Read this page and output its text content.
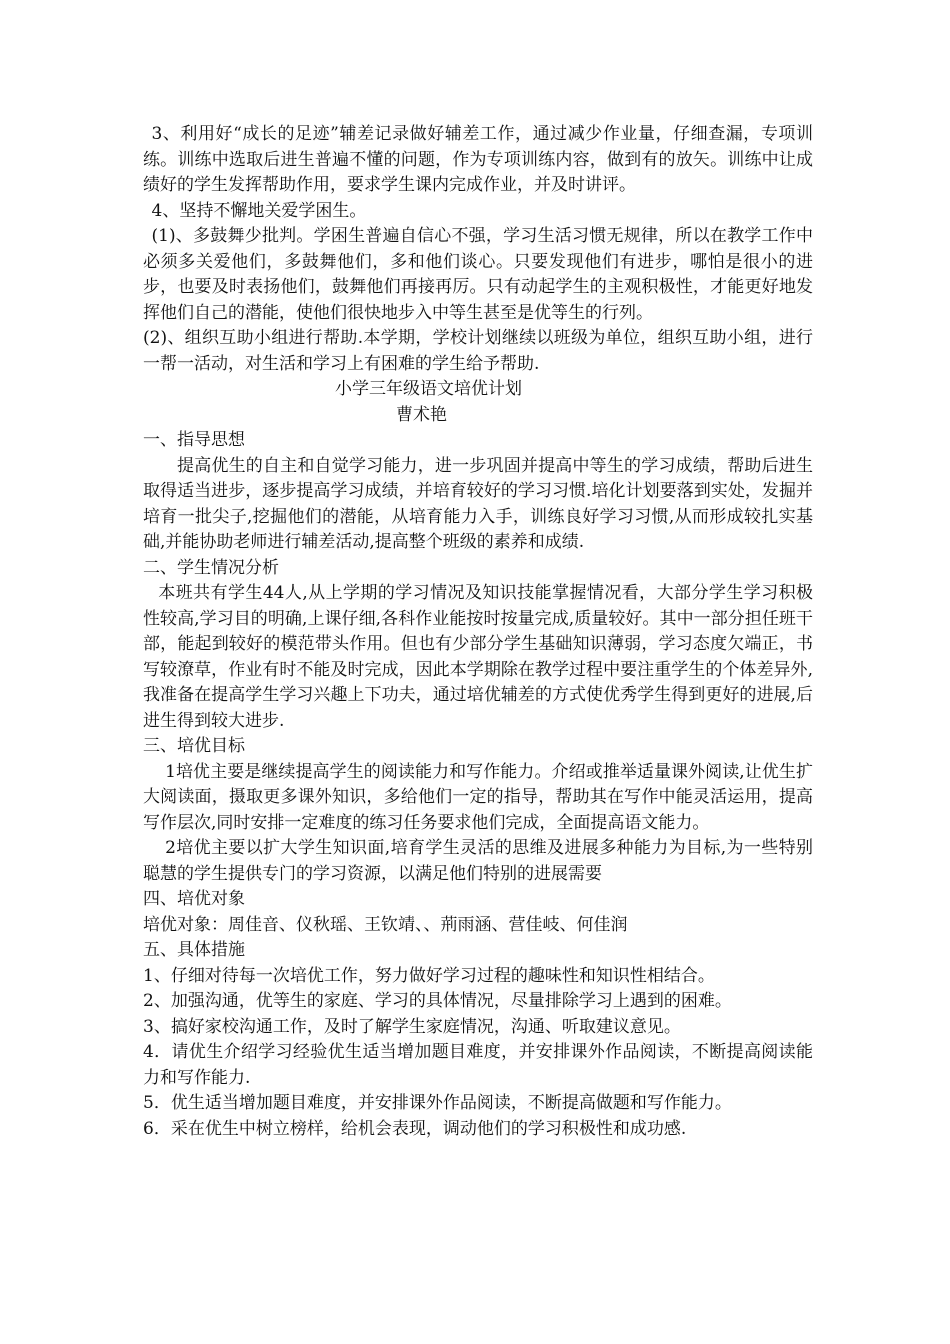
3、利用好“成长的足迹”辅差记录做好辅差工作，通过减少作业量，仔细查漏，专项训练。训练中选取后进生普遍不懂的问题，作为专项训练内容，做到有的放矢。训练中让成绩好的学生发挥帮助作用，要求学生课内完成作业，并及时讲评。

4、坚持不懈地关爱学困生。

(1)、多鼓舞少批判。学困生普遍自信心不强，学习生活习惯无规律，所以在教学工作中必须多关爱他们，多鼓舞他们，多和他们谈心。只要发现他们有进步，哪怕是很小的进步，也要及时表扬他们，鼓舞他们再接再厉。只有动起学生的主观积极性，才能更好地发挥他们自己的潜能，使他们很快地步入中等生甚至是优等生的行列。

(2)、组织互助小组进行帮助.本学期，学校计划继续以班级为单位，组织互助小组，进行 一帮一活动，对生活和学习上有困难的学生给予帮助.

小学三年级语文培优计划

曹术艳

一、指导思想

提高优生的自主和自觉学习能力，进一步巩固并提高中等生的学习成绩，帮助后进生取得适当进步，逐步提高学习成绩，并培育较好的学习习惯.培化计划要落到实处，发掘并培育一批尖子,挖掘他们的潜能，从培育能力入手，训练良好学习习惯,从而形成较扎实基础,并能协助老师进行辅差活动,提高整个班级的素养和成绩.

二、学生情况分析

本班共有学生44人,从上学期的学习情况及知识技能掌握情况看，大部分学生学习积极性较高,学习目的明确,上课仔细,各科作业能按时按量完成,质量较好。其中一部分担任班干部，能起到较好的模范带头作用。但也有少部分学生基础知识薄弱，学习态度欠端正，书写较潦草，作业有时不能及时完成，因此本学期除在教学过程中要注重学生的个体差异外,我准备在提高学生学习兴趣上下功夫，通过培优辅差的方式使优秀学生得到更好的进展,后进生得到较大进步.

三、培优目标

1培优主要是继续提高学生的阅读能力和写作能力。介绍或推举适量课外阅读,让优生扩大阅读面，摄取更多课外知识，多给他们一定的指导，帮助其在写作中能灵活运用，提高写作层次,同时安排一定难度的练习任务要求他们完成，全面提高语文能力。

2培优主要以扩大学生知识面,培育学生灵活的思维及进展多种能力为目标,为一些特别聪慧的学生提供专门的学习资源，以满足他们特别的进展需要

四、培优对象

培优对象：周佳音、仪秋瑶、王钦靖、、荊雨涵、营佳岐、何佳润

五、具体措施

1、仔细对待每一次培优工作，努力做好学习过程的趣味性和知识性相结合。

2、加强沟通，优等生的家庭、学习的具体情况，尽量排除学习上遇到的困难。

3、搞好家校沟通工作，及时了解学生家庭情况，沟通、听取建议意见。

4．请优生介绍学习经验优生适当增加题目难度，并安排课外作品阅读，不断提高阅读能力和写作能力.

5．优生适当增加题目难度，并安排课外作品阅读，不断提高做题和写作能力。

6．采在优生中树立榜样，给机会表现，调动他们的学习积极性和成功感.
